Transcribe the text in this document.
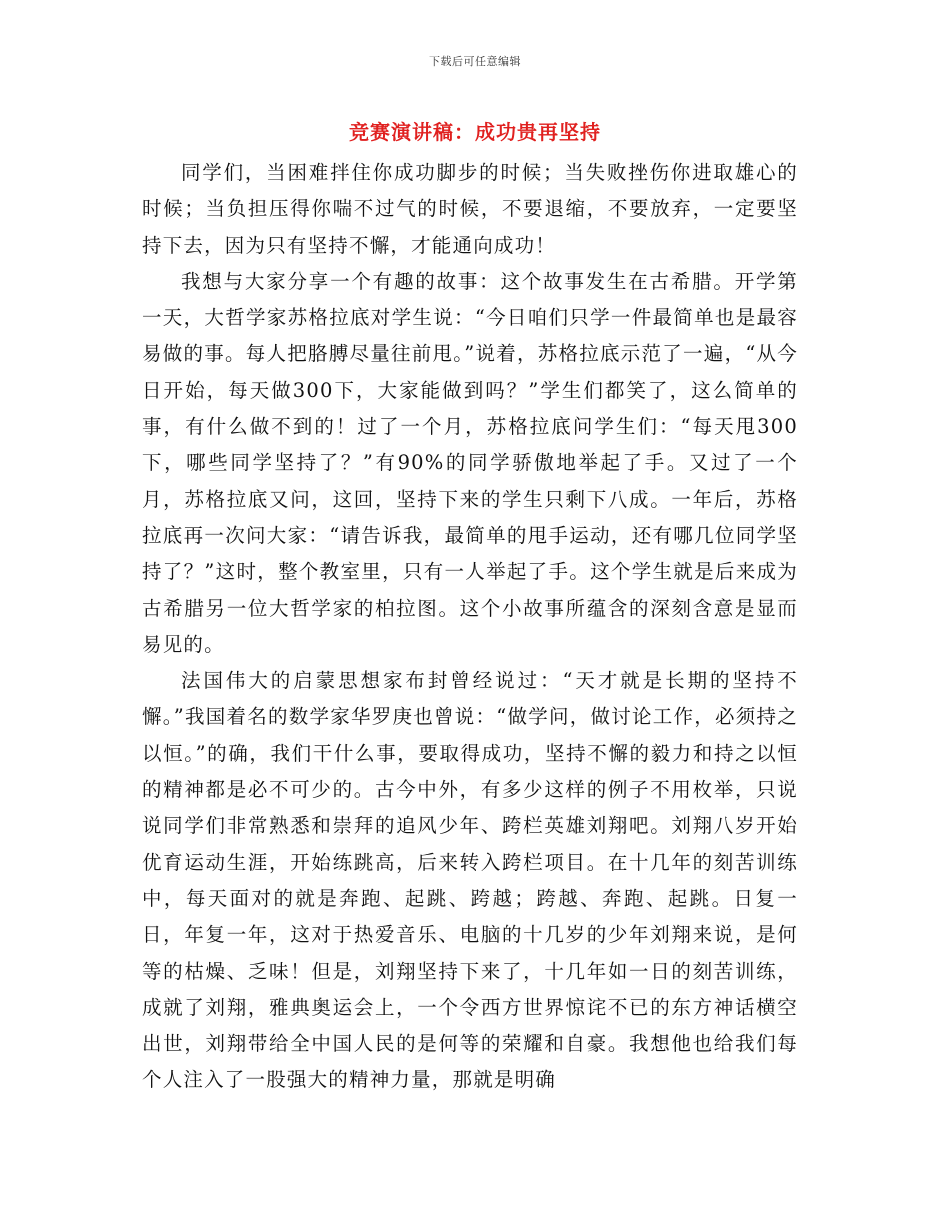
下载后可任意编辑
竞赛演讲稿：成功贵再坚持

同学们，当困难拌住你成功脚步的时候；当失败挫伤你进取雄心的时候；当负担压得你喘不过气的时候，不要退缩，不要放弃，一定要坚持下去，因为只有坚持不懈，才能通向成功！

我想与大家分享一个有趣的故事：这个故事发生在古希腊。开学第一天，大哲学家苏格拉底对学生说：“今日咱们只学一件最简单也是最容易做的事。每人把胳膊尽量往前甩。”说着，苏格拉底示范了一遍，“从今日开始，每天做300下，大家能做到吗？”学生们都笑了，这么简单的事，有什么做不到的！过了一个月，苏格拉底问学生们：“每天甩300下，哪些同学坚持了？”有90%的同学骄傲地举起了手。又过了一个月，苏格拉底又问，这回，坚持下来的学生只剩下八成。一年后，苏格拉底再一次问大家：“请告诉我，最简单的甩手运动，还有哪几位同学坚持了？”这时，整个教室里，只有一人举起了手。这个学生就是后来成为古希腊另一位大哲学家的柏拉图。这个小故事所蕴含的深刻含意是显而易见的。

法国伟大的启蒙思想家布封曾经说过：“天才就是长期的坚持不懈。”我国着名的数学家华罗庚也曾说：“做学问，做讨论工作，必须持之以恒。”的确，我们干什么事，要取得成功，坚持不懈的毅力和持之以恒的精神都是必不可少的。古今中外，有多少这样的例子不用枚举，只说说同学们非常熟悉和崇拜的追风少年、跨栏英雄刘翔吧。刘翔八岁开始优育运动生涯，开始练跳高，后来转入跨栏项目。在十几年的刻苦训练中，每天面对的就是奔跑、起跳、跨越；跨越、奔跑、起跳。日复一日，年复一年，这对于热爱音乐、电脑的十几岁的少年刘翔来说，是何等的枯燥、乏味！但是，刘翔坚持下来了，十几年如一日的刻苦训练，成就了刘翔，雅典奥运会上，一个令西方世界惊诧不已的东方神话横空出世，刘翔带给全中国人民的是何等的荣耀和自豪。我想他也给我们每个人注入了一股强大的精神力量，那就是明确
